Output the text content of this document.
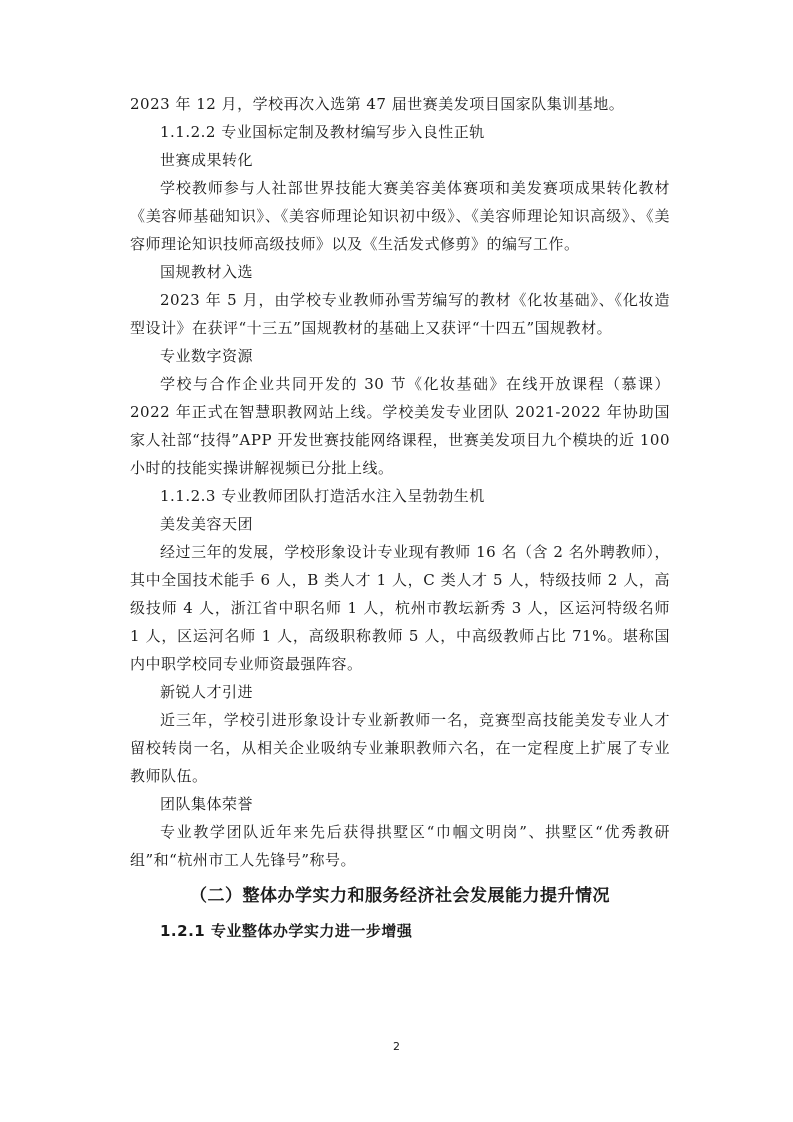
2023 年 12 月，学校再次入选第 47 届世赛美发项目国家队集训基地。

1.1.2.2 专业国标定制及教材编写步入良性正轨

世赛成果转化

学校教师参与人社部世界技能大赛美容美体赛项和美发赛项成果转化教材《美容师基础知识》、《美容师理论知识初中级》、《美容师理论知识高级》、《美容师理论知识技师高级技师》以及《生活发式修剪》的编写工作。

国规教材入选

2023 年 5 月，由学校专业教师孙雪芳编写的教材《化妆基础》、《化妆造型设计》在获评“十三五”国规教材的基础上又获评“十四五”国规教材。

专业数字资源

学校与合作企业共同开发的 30 节《化妆基础》在线开放课程（慕课）2022 年正式在智慧职教网站上线。学校美发专业团队 2021-2022 年协助国家人社部“技得”APP 开发世赛技能网络课程，世赛美发项目九个模块的近 100 小时的技能实操讲解视频已分批上线。

1.1.2.3 专业教师团队打造活水注入呈勃勃生机

美发美容天团

经过三年的发展，学校形象设计专业现有教师 16 名（含 2 名外聘教师），其中全国技术能手 6 人，B 类人才 1 人，C 类人才 5 人，特级技师 2 人，高级技师 4 人，浙江省中职名师 1 人，杭州市教坛新秀 3 人，区运河特级名师 1 人，区运河名师 1 人，高级职称教师 5 人，中高级教师占比 71%。堪称国内中职学校同专业师资最强阵容。

新锐人才引进

近三年，学校引进形象设计专业新教师一名，竞赛型高技能美发专业人才留校转岗一名，从相关企业吸纳专业兼职教师六名，在一定程度上扩展了专业教师队伍。

团队集体荣誉

专业教学团队近年来先后获得拱墅区“巾帼文明岗”、拱墅区“优秀教研组”和“杭州市工人先锋号”称号。

（二）整体办学实力和服务经济社会发展能力提升情况

1.2.1 专业整体办学实力进一步增强

2
